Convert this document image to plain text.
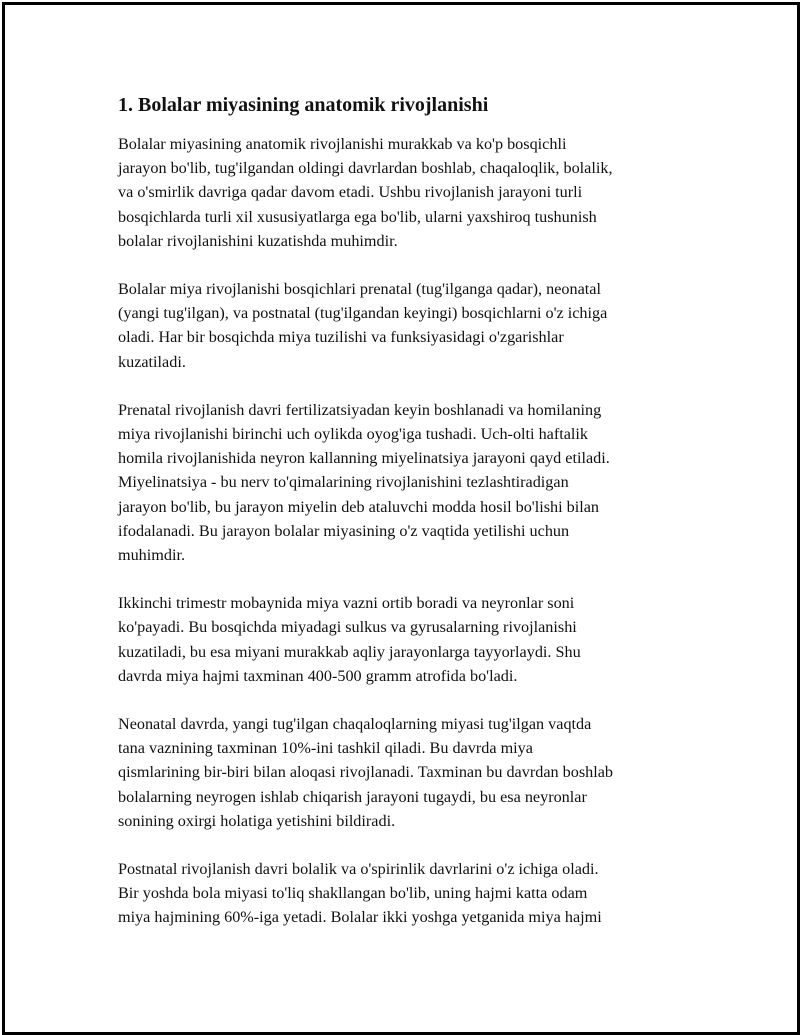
1. Bolalar miyasining anatomik rivojlanishi

Bolalar miyasining anatomik rivojlanishi murakkab va ko'p bosqichli
jarayon bo'lib, tug'ilgandan oldingi davrlardan boshlab, chaqaloqlik, bolalik,
va o'smirlik davriga qadar davom etadi. Ushbu rivojlanish jarayoni turli
bosqichlarda turli xil xususiyatlarga ega bo'lib, ularni yaxshiroq tushunish
bolalar rivojlanishini kuzatishda muhimdir.

Bolalar miya rivojlanishi bosqichlari prenatal (tug'ilganga qadar), neonatal
(yangi tug'ilgan), va postnatal (tug'ilgandan keyingi) bosqichlarni o'z ichiga
oladi. Har bir bosqichda miya tuzilishi va funksiyasidagi o'zgarishlar
kuzatiladi.

Prenatal rivojlanish davri fertilizatsiyadan keyin boshlanadi va homilaning
miya rivojlanishi birinchi uch oylikda oyog'iga tushadi. Uch-olti haftalik
homila rivojlanishida neyron kallanning miyelinatsiya jarayoni qayd etiladi.
Miyelinatsiya - bu nerv to'qimalarining rivojlanishini tezlashtiradigan
jarayon bo'lib, bu jarayon miyelin deb ataluvchi modda hosil bo'lishi bilan
ifodalanadi. Bu jarayon bolalar miyasining o'z vaqtida yetilishi uchun
muhimdir.

Ikkinchi trimestr mobaynida miya vazni ortib boradi va neyronlar soni
ko'payadi. Bu bosqichda miyadagi sulkus va gyrusalarning rivojlanishi
kuzatiladi, bu esa miyani murakkab aqliy jarayonlarga tayyorlaydi. Shu
davrda miya hajmi taxminan 400-500 gramm atrofida bo'ladi.

Neonatal davrda, yangi tug'ilgan chaqaloqlarning miyasi tug'ilgan vaqtda
tana vaznining taxminan 10%-ini tashkil qiladi. Bu davrda miya
qismlarining bir-biri bilan aloqasi rivojlanadi. Taxminan bu davrdan boshlab
bolalarning neyrogen ishlab chiqarish jarayoni tugaydi, bu esa neyronlar
sonining oxirgi holatiga yetishini bildiradi.

Postnatal rivojlanish davri bolalik va o'spirinlik davrlarini o'z ichiga oladi.
Bir yoshda bola miyasi to'liq shakllangan bo'lib, uning hajmi katta odam
miya hajmining 60%-iga yetadi. Bolalar ikki yoshga yetganida miya hajmi
